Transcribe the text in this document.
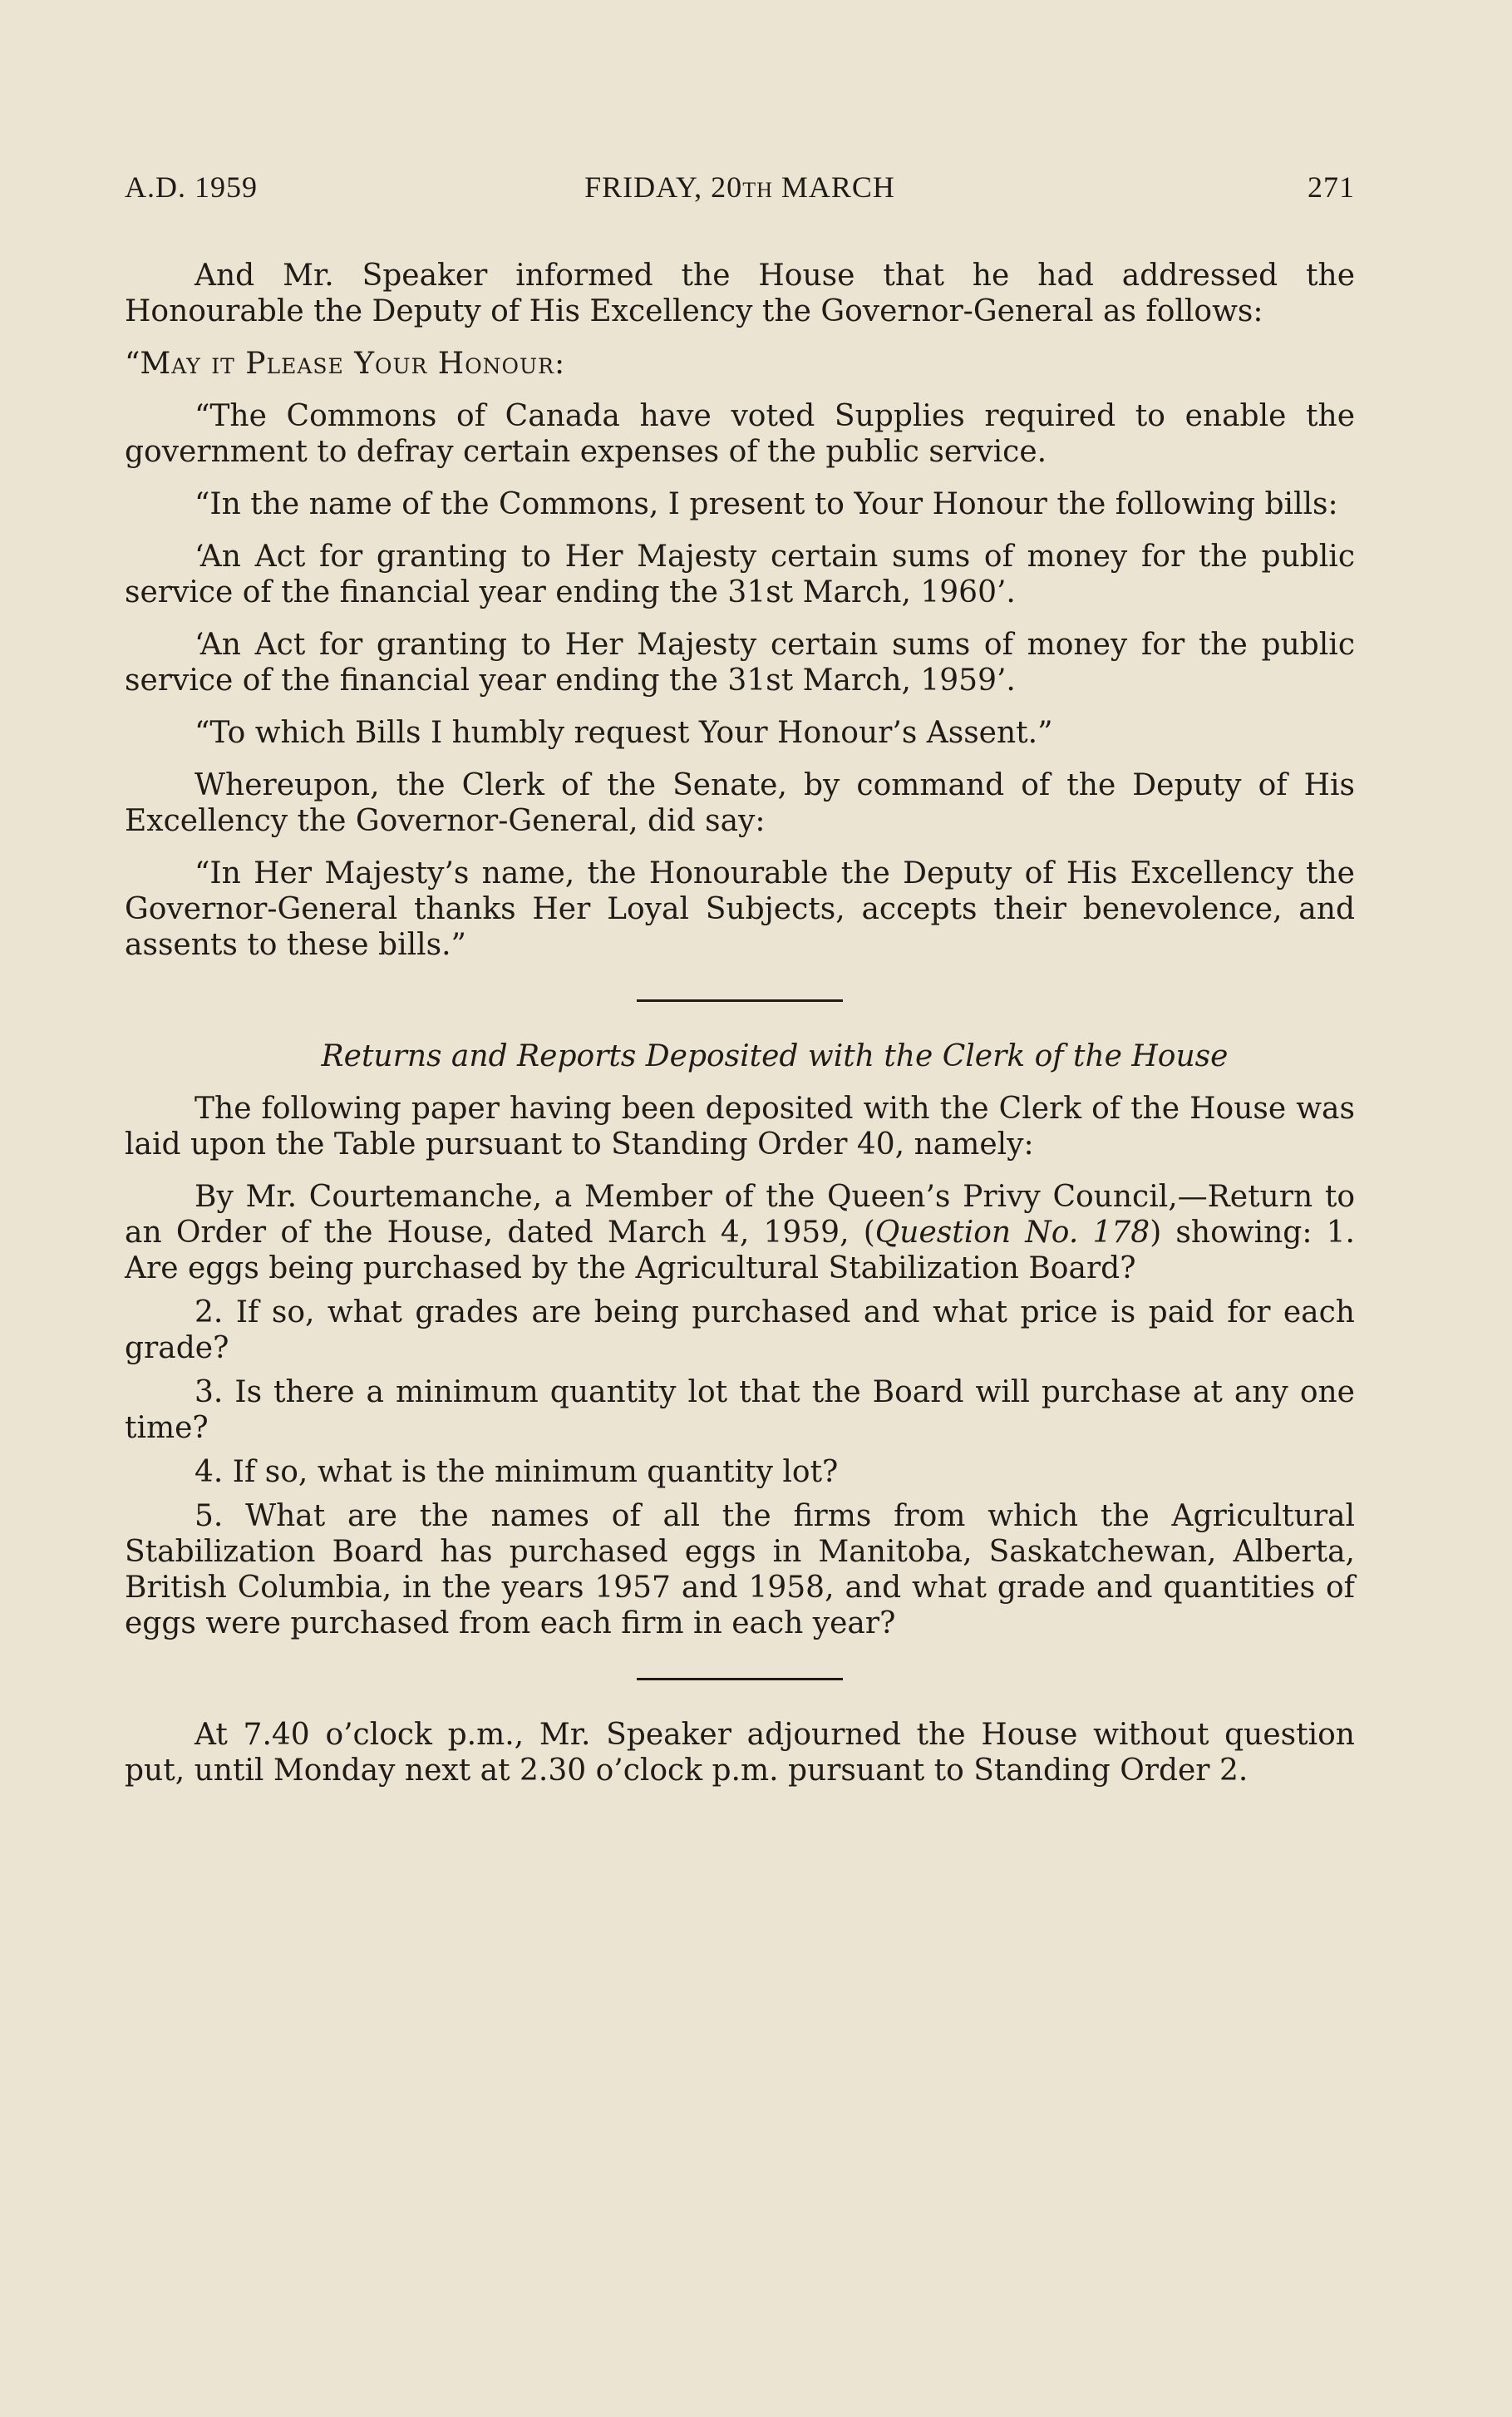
A.D. 1959	FRIDAY, 20TH MARCH	271

And Mr. Speaker informed the House that he had addressed the Honourable the Deputy of His Excellency the Governor-General as follows:

“May it Please Your Honour:

“The Commons of Canada have voted Supplies required to enable the government to defray certain expenses of the public service.

“In the name of the Commons, I present to Your Honour the following bills:

‘An Act for granting to Her Majesty certain sums of money for the public service of the financial year ending the 31st March, 1960’.

‘An Act for granting to Her Majesty certain sums of money for the public service of the financial year ending the 31st March, 1959’.

“To which Bills I humbly request Your Honour’s Assent.”

Whereupon, the Clerk of the Senate, by command of the Deputy of His Excellency the Governor-General, did say:

“In Her Majesty’s name, the Honourable the Deputy of His Excellency the Governor-General thanks Her Loyal Subjects, accepts their benevolence, and assents to these bills.”

Returns and Reports Deposited with the Clerk of the House

The following paper having been deposited with the Clerk of the House was laid upon the Table pursuant to Standing Order 40, namely:

By Mr. Courtemanche, a Member of the Queen’s Privy Council,—Return to an Order of the House, dated March 4, 1959, (Question No. 178) showing: 1. Are eggs being purchased by the Agricultural Stabilization Board?

2. If so, what grades are being purchased and what price is paid for each grade?

3. Is there a minimum quantity lot that the Board will purchase at any one time?

4. If so, what is the minimum quantity lot?

5. What are the names of all the firms from which the Agricultural Stabilization Board has purchased eggs in Manitoba, Saskatchewan, Alberta, British Columbia, in the years 1957 and 1958, and what grade and quantities of eggs were purchased from each firm in each year?

At 7.40 o’clock p.m., Mr. Speaker adjourned the House without question put, until Monday next at 2.30 o’clock p.m. pursuant to Standing Order 2.
